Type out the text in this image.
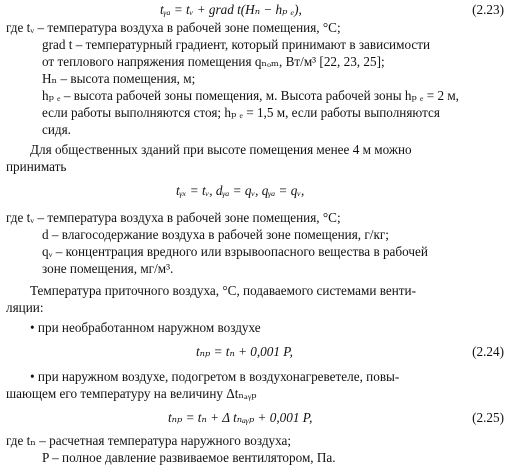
tᵧₐ = tᵥ + grad t(Hₙ − hₚ ₑ),	(2.23)
где tᵥ – температура воздуха в рабочей зоне помещения, °С;
grad t – температурный градиент, который принимают в зависимости
от теплового напряжения помещения qₙₒₘ, Вт/м³ [22, 23, 25];
Hₙ – высота помещения, м;
hₚ ₑ – высота рабочей зоны помещения, м. Высота рабочей зоны hₚ ₑ = 2 м,
если работы выполняются стоя; hₚ ₑ = 1,5 м, если работы выполняются
сидя.
Для общественных зданий при высоте помещения менее 4 м можно
принимать
tᵧₓ = tᵥ, dᵧₐ = qᵥ, qᵧₐ = qᵥ,
где tᵥ – температура воздуха в рабочей зоне помещения, °С;
d – влагосодержание воздуха в рабочей зоне помещения, г/кг;
qᵥ – концентрация вредного или взрывоопасного вещества в рабочей
зоне помещения, мг/м³.
Температура приточного воздуха, °С, подаваемого системами венти-
ляции:
• при необработанном наружном воздухе
tₙₚ = tₙ + 0,001 P,	(2.24)
• при наружном воздухе, подогретом в воздухонагреветеле, повы-
шающем его температуру на величину Δtₙₐᵧₚ
tₙₚ = tₙ + Δ tₙₐᵧₚ + 0,001 P,	(2.25)
где tₙ – расчетная температура наружного воздуха;
P – полное давление развиваемое вентилятором, Па.
